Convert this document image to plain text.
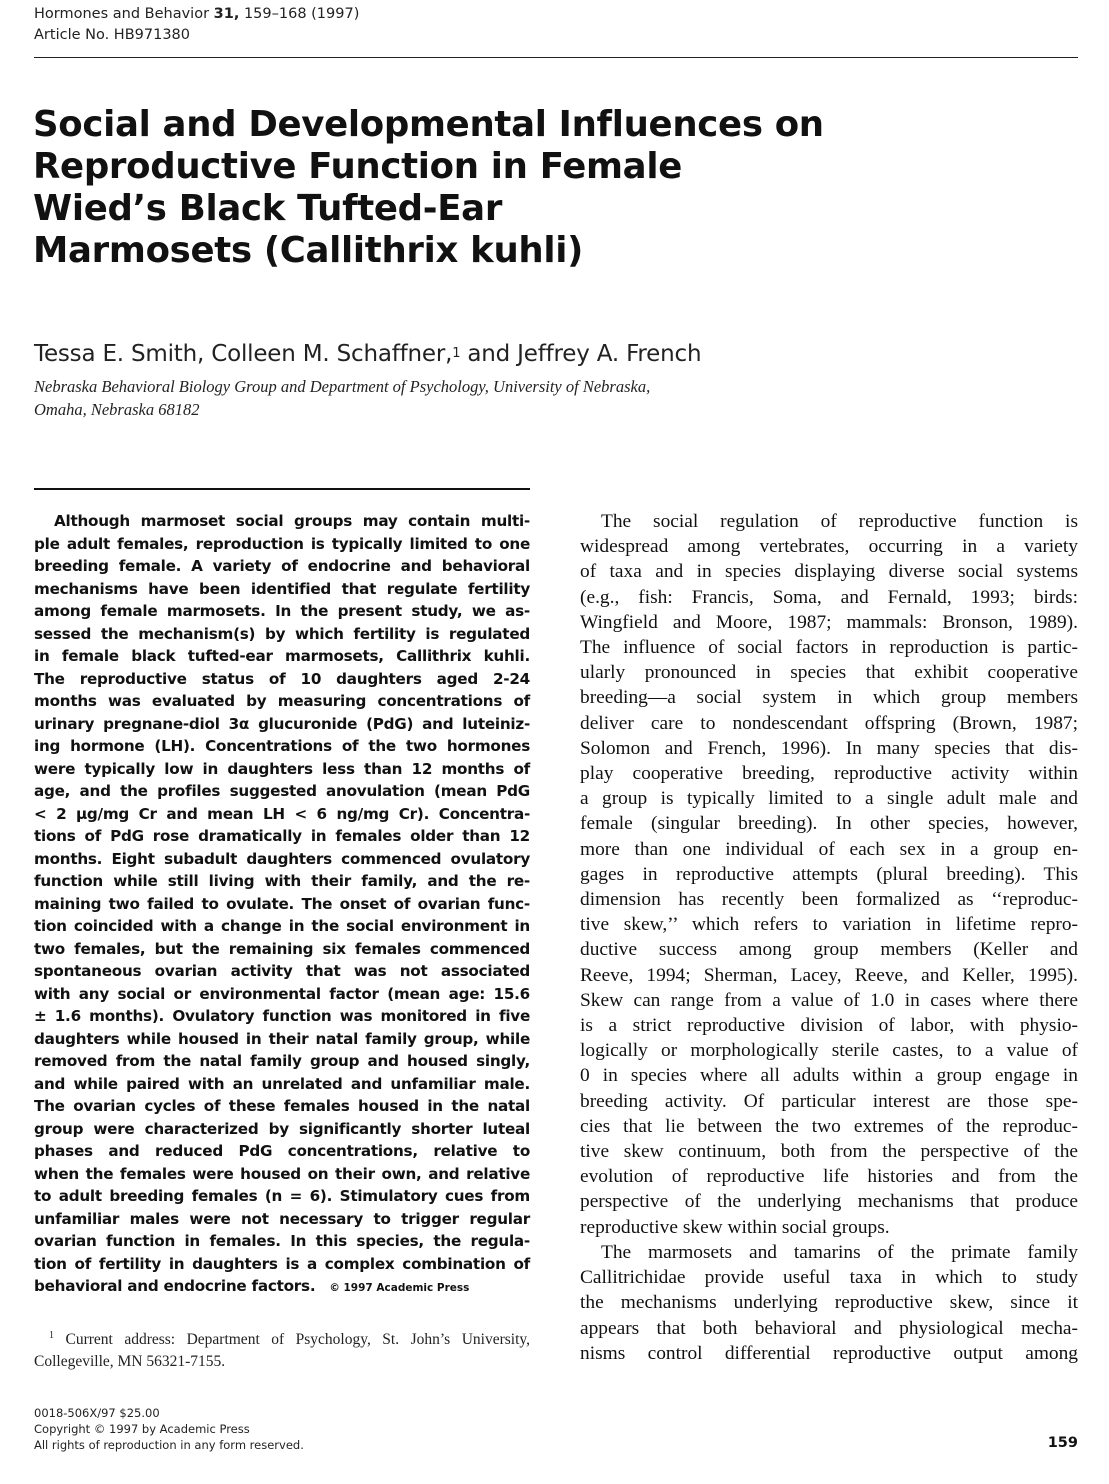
Hormones and Behavior 31, 159–168 (1997)
Article No. HB971380
Social and Developmental Influences on
Reproductive Function in Female
Wied’s Black Tufted-Ear
Marmosets (Callithrix kuhli)
Tessa E. Smith, Colleen M. Schaffner,$^1$ and Jeffrey A. French
Nebraska Behavioral Biology Group and Department of Psychology, University of Nebraska,
Omaha, Nebraska 68182
Although marmoset social groups may contain multi-
ple adult females, reproduction is typically limited to one
breeding female. A variety of endocrine and behavioral
mechanisms have been identified that regulate fertility
among female marmosets. In the present study, we as-
sessed the mechanism(s) by which fertility is regulated
in female black tufted-ear marmosets, Callithrix kuhli.
The reproductive status of 10 daughters aged 2-24
months was evaluated by measuring concentrations of
urinary pregnane-diol 3α glucuronide (PdG) and luteiniz-
ing hormone (LH). Concentrations of the two hormones
were typically low in daughters less than 12 months of
age, and the profiles suggested anovulation (mean PdG
< 2 μg/mg Cr and mean LH < 6 ng/mg Cr). Concentra-
tions of PdG rose dramatically in females older than 12
months. Eight subadult daughters commenced ovulatory
function while still living with their family, and the re-
maining two failed to ovulate. The onset of ovarian func-
tion coincided with a change in the social environment in
two females, but the remaining six females commenced
spontaneous ovarian activity that was not associated
with any social or environmental factor (mean age: 15.6
± 1.6 months). Ovulatory function was monitored in five
daughters while housed in their natal family group, while
removed from the natal family group and housed singly,
and while paired with an unrelated and unfamiliar male.
The ovarian cycles of these females housed in the natal
group were characterized by significantly shorter luteal
phases and reduced PdG concentrations, relative to
when the females were housed on their own, and relative
to adult breeding females (n = 6). Stimulatory cues from
unfamiliar males were not necessary to trigger regular
ovarian function in females. In this species, the regula-
tion of fertility in daughters is a complex combination of
behavioral and endocrine factors. © 1997 Academic Press
$^1$ Current address: Department of Psychology, St. John’s University,
Collegeville, MN 56321-7155.
The social regulation of reproductive function is
widespread among vertebrates, occurring in a variety
of taxa and in species displaying diverse social systems
(e.g., fish: Francis, Soma, and Fernald, 1993; birds:
Wingfield and Moore, 1987; mammals: Bronson, 1989).
The influence of social factors in reproduction is partic-
ularly pronounced in species that exhibit cooperative
breeding—a social system in which group members
deliver care to nondescendant offspring (Brown, 1987;
Solomon and French, 1996). In many species that dis-
play cooperative breeding, reproductive activity within
a group is typically limited to a single adult male and
female (singular breeding). In other species, however,
more than one individual of each sex in a group en-
gages in reproductive attempts (plural breeding). This
dimension has recently been formalized as ‘‘reproduc-
tive skew,’’ which refers to variation in lifetime repro-
ductive success among group members (Keller and
Reeve, 1994; Sherman, Lacey, Reeve, and Keller, 1995).
Skew can range from a value of 1.0 in cases where there
is a strict reproductive division of labor, with physio-
logically or morphologically sterile castes, to a value of
0 in species where all adults within a group engage in
breeding activity. Of particular interest are those spe-
cies that lie between the two extremes of the reproduc-
tive skew continuum, both from the perspective of the
evolution of reproductive life histories and from the
perspective of the underlying mechanisms that produce
reproductive skew within social groups.
The marmosets and tamarins of the primate family
Callitrichidae provide useful taxa in which to study
the mechanisms underlying reproductive skew, since it
appears that both behavioral and physiological mecha-
nisms control differential reproductive output among
0018-506X/97 $25.00
Copyright © 1997 by Academic Press
All rights of reproduction in any form reserved.	159
